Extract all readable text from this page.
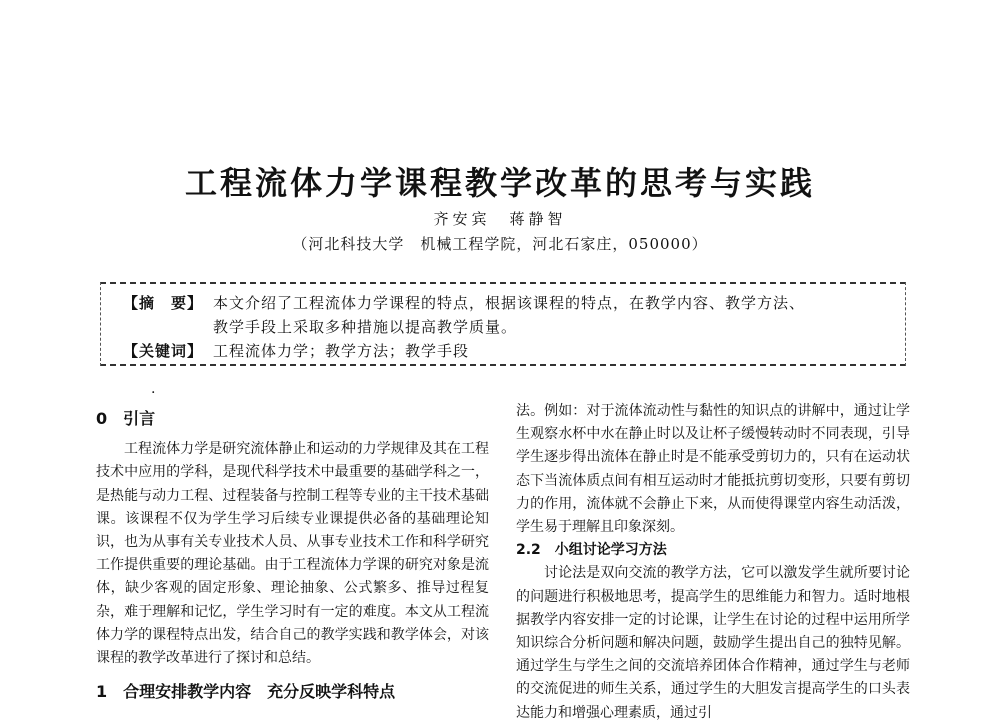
工程流体力学课程教学改革的思考与实践
齐安宾　蒋静智
（河北科技大学　机械工程学院，河北石家庄，050000）
【摘　要】 本文介绍了工程流体力学课程的特点，根据该课程的特点，在教学内容、教学方法、
教学手段上采取多种措施以提高教学质量。
【关键词】 工程流体力学；教学方法；教学手段
.
0　引言

工程流体力学是研究流体静止和运动的力学规律及其在工程技术中应用的学科，是现代科学技术中最重要的基础学科之一，是热能与动力工程、过程装备与控制工程等专业的主干技术基础课。该课程不仅为学生学习后续专业课提供必备的基础理论知识，也为从事有关专业技术人员、从事专业技术工作和科学研究工作提供重要的理论基础。由于工程流体力学课的研究对象是流体，缺少客观的固定形象、理论抽象、公式繁多、推导过程复杂，难于理解和记忆，学生学习时有一定的难度。本文从工程流体力学的课程特点出发，结合自己的教学实践和教学体会，对该课程的教学改革进行了探讨和总结。

1　合理安排教学内容　充分反映学科特点

法。例如：对于流体流动性与黏性的知识点的讲解中，通过让学生观察水杯中水在静止时以及让杯子缓慢转动时不同表现，引导学生逐步得出流体在静止时是不能承受剪切力的，只有在运动状态下当流体质点间有相互运动时才能抵抗剪切变形，只要有剪切力的作用，流体就不会静止下来，从而使得课堂内容生动活泼，学生易于理解且印象深刻。

2.2　小组讨论学习方法

讨论法是双向交流的教学方法，它可以激发学生就所要讨论的问题进行积极地思考，提高学生的思维能力和智力。适时地根据教学内容安排一定的讨论课，让学生在讨论的过程中运用所学知识综合分析问题和解决问题，鼓励学生提出自己的独特见解。通过学生与学生之间的交流培养团体合作精神，通过学生与老师的交流促进的师生关系，通过学生的大胆发言提高学生的口头表达能力和增强心理素质，通过引
